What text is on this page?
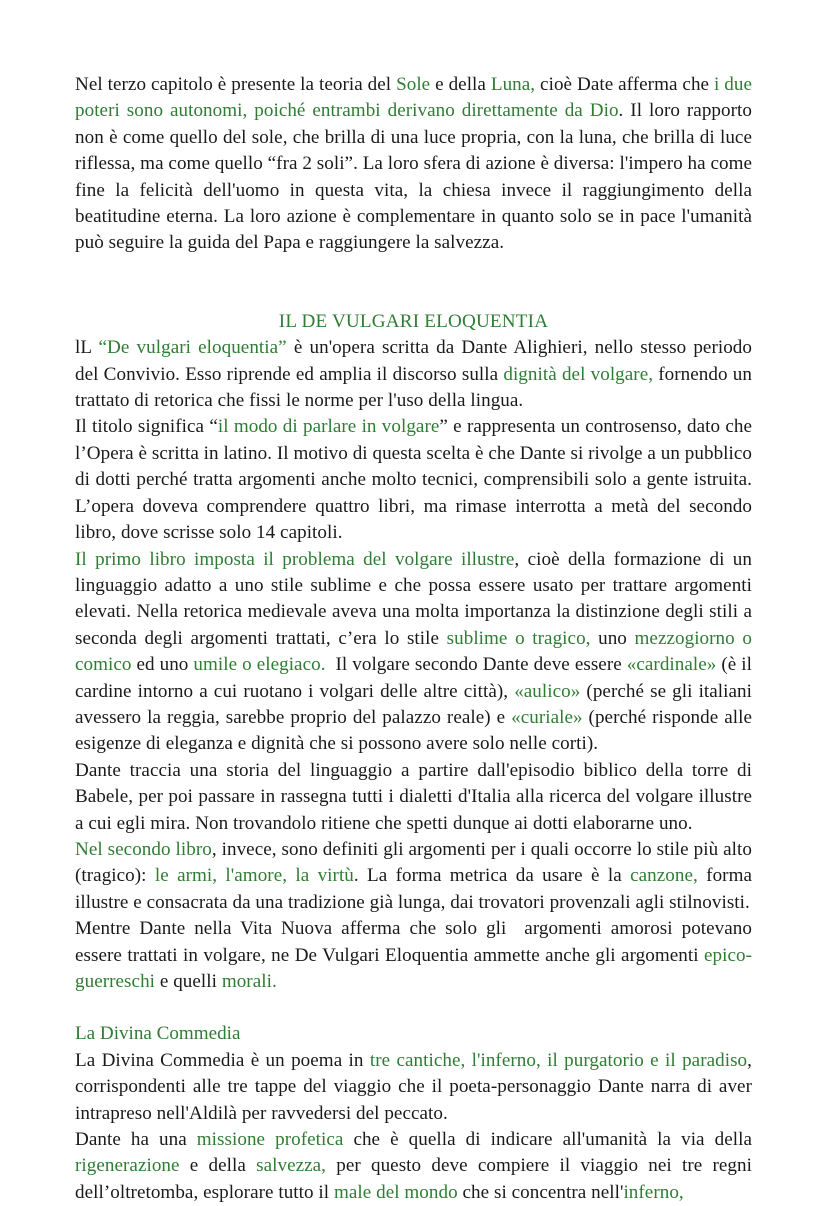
Nel terzo capitolo è presente la teoria del Sole e della Luna, cioè Date afferma che i due poteri sono autonomi, poiché entrambi derivano direttamente da Dio. Il loro rapporto non è come quello del sole, che brilla di una luce propria, con la luna, che brilla di luce riflessa, ma come quello “fra 2 soli”. La loro sfera di azione è diversa: l'impero ha come fine la felicità dell'uomo in questa vita, la chiesa invece il raggiungimento della beatitudine eterna. La loro azione è complementare in quanto solo se in pace l'umanità può seguire la guida del Papa e raggiungere la salvezza.

IL DE VULGARI ELOQUENTIA

lL “De vulgari eloquentia” è un'opera scritta da Dante Alighieri, nello stesso periodo del Convivio. Esso riprende ed amplia il discorso sulla dignità del volgare, fornendo un trattato di retorica che fissi le norme per l'uso della lingua.

Il titolo significa “il modo di parlare in volgare” e rappresenta un controsenso, dato che l’Opera è scritta in latino. Il motivo di questa scelta è che Dante si rivolge a un pubblico di dotti perché tratta argomenti anche molto tecnici, comprensibili solo a gente istruita. L’opera doveva comprendere quattro libri, ma rimase interrotta a metà del secondo libro, dove scrisse solo 14 capitoli.

Il primo libro imposta il problema del volgare illustre, cioè della formazione di un linguaggio adatto a uno stile sublime e che possa essere usato per trattare argomenti elevati. Nella retorica medievale aveva una molta importanza la distinzione degli stili a seconda degli argomenti trattati, c’era lo stile sublime o tragico, uno mezzogiorno o comico ed uno umile o elegiaco.  Il volgare secondo Dante deve essere «cardinale» (è il cardine intorno a cui ruotano i volgari delle altre città), «aulico» (perché se gli italiani avessero la reggia, sarebbe proprio del palazzo reale) e «curiale» (perché risponde alle esigenze di eleganza e dignità che si possono avere solo nelle corti).

Dante traccia una storia del linguaggio a partire dall'episodio biblico della torre di Babele, per poi passare in rassegna tutti i dialetti d'Italia alla ricerca del volgare illustre a cui egli mira. Non trovandolo ritiene che spetti dunque ai dotti elaborarne uno.

Nel secondo libro, invece, sono definiti gli argomenti per i quali occorre lo stile più alto (tragico): le armi, l'amore, la virtù. La forma metrica da usare è la canzone, forma illustre e consacrata da una tradizione già lunga, dai trovatori provenzali agli stilnovisti.

Mentre Dante nella Vita Nuova afferma che solo gli  argomenti amorosi potevano essere trattati in volgare, ne De Vulgari Eloquentia ammette anche gli argomenti epico-guerreschi e quelli morali.

La Divina Commedia

La Divina Commedia è un poema in tre cantiche, l'inferno, il purgatorio e il paradiso, corrispondenti alle tre tappe del viaggio che il poeta-personaggio Dante narra di aver intrapreso nell'Aldilà per ravvedersi del peccato.

Dante ha una missione profetica che è quella di indicare all'umanità la via della rigenerazione e della salvezza, per questo deve compiere il viaggio nei tre regni dell’oltretomba, esplorare tutto il male del mondo che si concentra nell'inferno,
